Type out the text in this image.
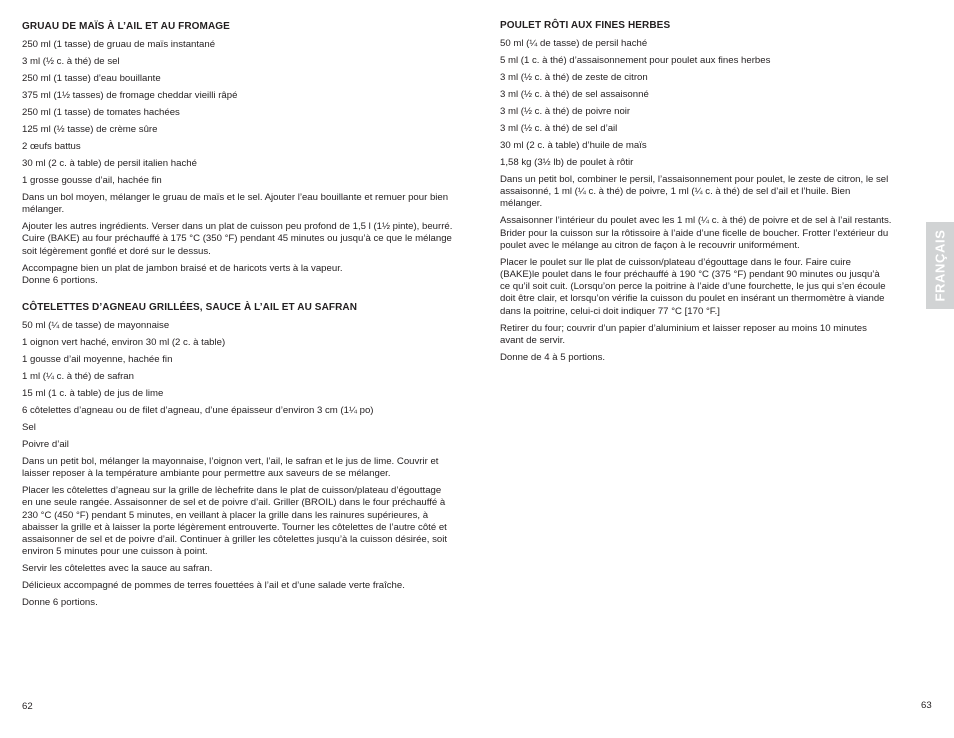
GRUAU DE MAÏS À L’AIL ET AU FROMAGE

250 ml (1 tasse) de gruau de maïs instantané

3 ml (½ c. à thé) de sel

250 ml (1 tasse) d’eau bouillante

375 ml (1½ tasses) de fromage cheddar vieilli râpé

250 ml (1 tasse) de tomates hachées

125 ml (½ tasse) de crème sûre

2 œufs battus

30 ml (2 c. à table) de persil italien haché

1 grosse gousse d’ail, hachée fin

Dans un bol moyen, mélanger le gruau de maïs et le sel. Ajouter l’eau bouillante et remuer pour bien mélanger.

Ajouter les autres ingrédients. Verser dans un plat de cuisson peu profond de 1,5 l (1½ pinte), beurré. Cuire (BAKE) au four préchauffé à 175 °C (350 °F) pendant 45 minutes ou jusqu’à ce que le mélange soit légèrement gonflé et doré sur le dessus.

Accompagne bien un plat de jambon braisé et de haricots verts à la vapeur.
Donne 6 portions.

CÔTELETTES D’AGNEAU GRILLÉES, SAUCE À L’AIL ET AU SAFRAN

50 ml (¼ de tasse) de mayonnaise

1 oignon vert haché, environ 30 ml (2 c. à table)

1 gousse d’ail moyenne, hachée fin

1 ml (¼ c. à thé) de safran

15 ml (1 c. à table) de jus de lime

6 côtelettes d’agneau ou de filet d’agneau, d’une épaisseur d’environ 3 cm (1¼ po)

Sel

Poivre d’ail

Dans un petit bol, mélanger la mayonnaise, l’oignon vert, l’ail, le safran et le jus de lime. Couvrir et laisser reposer à la température ambiante pour permettre aux saveurs de se mélanger.

Placer les côtelettes d’agneau sur la grille de lèchefrite dans le plat de cuisson/plateau d’égouttage en une seule rangée. Assaisonner de sel et de poivre d’ail. Griller (BROIL) dans le four préchauffé à 230 °C (450 °F) pendant 5 minutes, en veillant à placer la grille dans les rainures supérieures, à abaisser la grille et à laisser la porte légèrement entrouverte. Tourner les côtelettes de l’autre côté et assaisonner de sel et de poivre d’ail. Continuer à griller les côtelettes jusqu’à la cuisson désirée, soit environ 5 minutes pour une cuisson à point.

Servir les côtelettes avec la sauce au safran.

Délicieux accompagné de pommes de terres fouettées à l’ail et d’une salade verte fraîche.

Donne 6 portions.

62
POULET RÔTI AUX FINES HERBES

50 ml (¼ de tasse) de persil haché

5 ml (1 c. à thé) d’assaisonnement pour poulet aux fines herbes

3 ml (½ c. à thé) de zeste de citron

3 ml (½ c. à thé) de sel assaisonné

3 ml (½ c. à thé) de poivre noir

3 ml (½ c. à thé) de sel d’ail

30 ml (2 c. à table) d’huile de maïs

1,58 kg (3½ lb) de poulet à rôtir

Dans un petit bol, combiner le persil, l’assaisonnement pour poulet, le zeste de citron, le sel assaisonné, 1 ml (¼ c. à thé) de poivre, 1 ml (¼ c. à thé) de sel d’ail et l’huile. Bien mélanger.

Assaisonner l’intérieur du poulet avec les 1 ml (¼ c. à thé) de poivre et de sel à l’ail restants. Brider pour la cuisson sur la rôtissoire à l’aide d’une ficelle de boucher. Frotter l’extérieur du poulet avec le mélange au citron de façon à le recouvrir uniformément.

Placer le poulet sur lle plat de cuisson/plateau d’égouttage dans le four. Faire cuire (BAKE)le poulet dans le four préchauffé à 190 °C (375 °F) pendant 90 minutes ou jusqu’à ce qu’il soit cuit. (Lorsqu’on perce la poitrine à l’aide d’une fourchette, le jus qui s’en écoule doit être clair, et lorsqu’on vérifie la cuisson du poulet en insérant un thermomètre à viande dans la poitrine, celui-ci doit indiquer 77 °C [170 °F.]

Retirer du four; couvrir d’un papier d’aluminium et laisser reposer au moins 10 minutes avant de servir.

Donne de 4 à 5 portions.

FRANÇAIS
63
